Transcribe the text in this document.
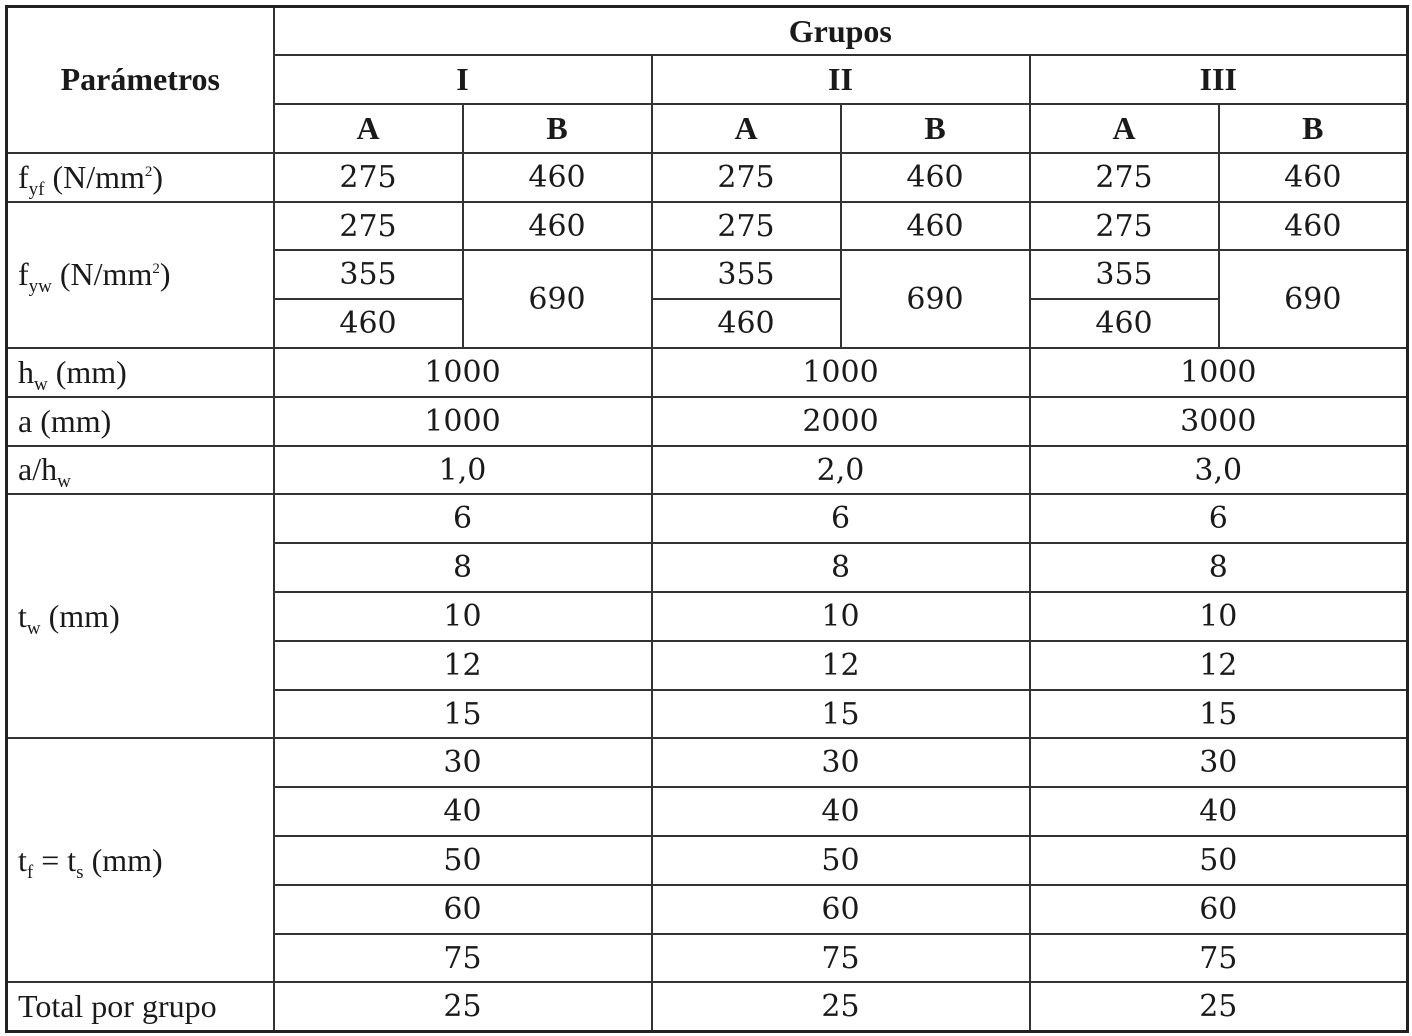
Parámetros	Grupos					
	I		II		III	
	A	B	A	B	A	B
$f_{yf}$ $(N/mm^2)$	275	460	275	460	275	460
$f_{yw}$ $(N/mm^2)$	275	460	275	460	275	460
	355	690	355	690	355	690
	460		460		460	
$h_w$ (mm)	1000		1000		1000	
a (mm)	1000		2000		3000	
$a/h_w$	1,0		2,0		3,0	
$t_w$ (mm)	6		6		6	
	8		8		8	
	10		10		10	
	12		12		12	
	15		15		15	
$t_f = t_s$ (mm)	30		30		30	
	40		40		40	
	50		50		50	
	60		60		60	
	75		75		75	
Total por grupo	25		25		25	
